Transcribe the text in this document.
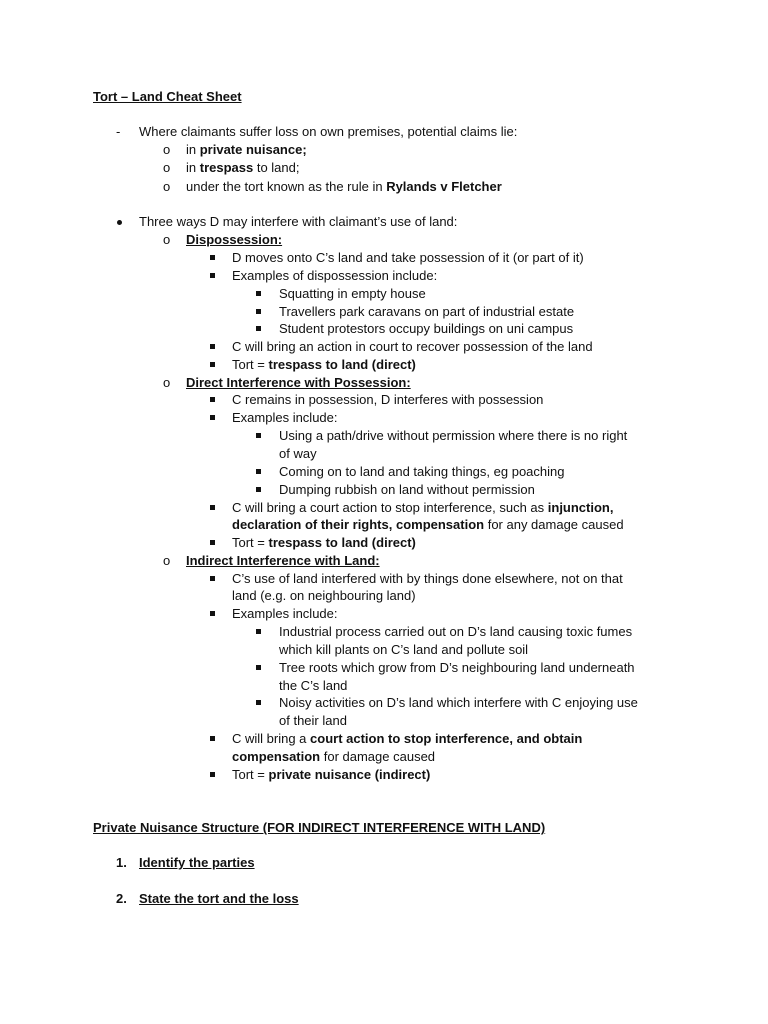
Tort – Land Cheat Sheet
- Where claimants suffer loss on own premises, potential claims lie:
o in private nuisance;
o in trespass to land;
o under the tort known as the rule in Rylands v Fletcher
Three ways D may interfere with claimant’s use of land:
o Dispossession:
D moves onto C’s land and take possession of it (or part of it)
Examples of dispossession include:
Squatting in empty house
Travellers park caravans on part of industrial estate
Student protestors occupy buildings on uni campus
C will bring an action in court to recover possession of the land
Tort = trespass to land (direct)
o Direct Interference with Possession:
C remains in possession, D interferes with possession
Examples include:
Using a path/drive without permission where there is no right
of way
Coming on to land and taking things, eg poaching
Dumping rubbish on land without permission
C will bring a court action to stop interference, such as injunction,
declaration of their rights, compensation for any damage caused
Tort = trespass to land (direct)
o Indirect Interference with Land:
C’s use of land interfered with by things done elsewhere, not on that
land (e.g. on neighbouring land)
Examples include:
Industrial process carried out on D’s land causing toxic fumes
which kill plants on C’s land and pollute soil
Tree roots which grow from D’s neighbouring land underneath
the C’s land
Noisy activities on D’s land which interfere with C enjoying use
of their land
C will bring a court action to stop interference, and obtain
compensation for damage caused
Tort = private nuisance (indirect)
Private Nuisance Structure (FOR INDIRECT INTERFERENCE WITH LAND)
1. Identify the parties
2. State the tort and the loss
